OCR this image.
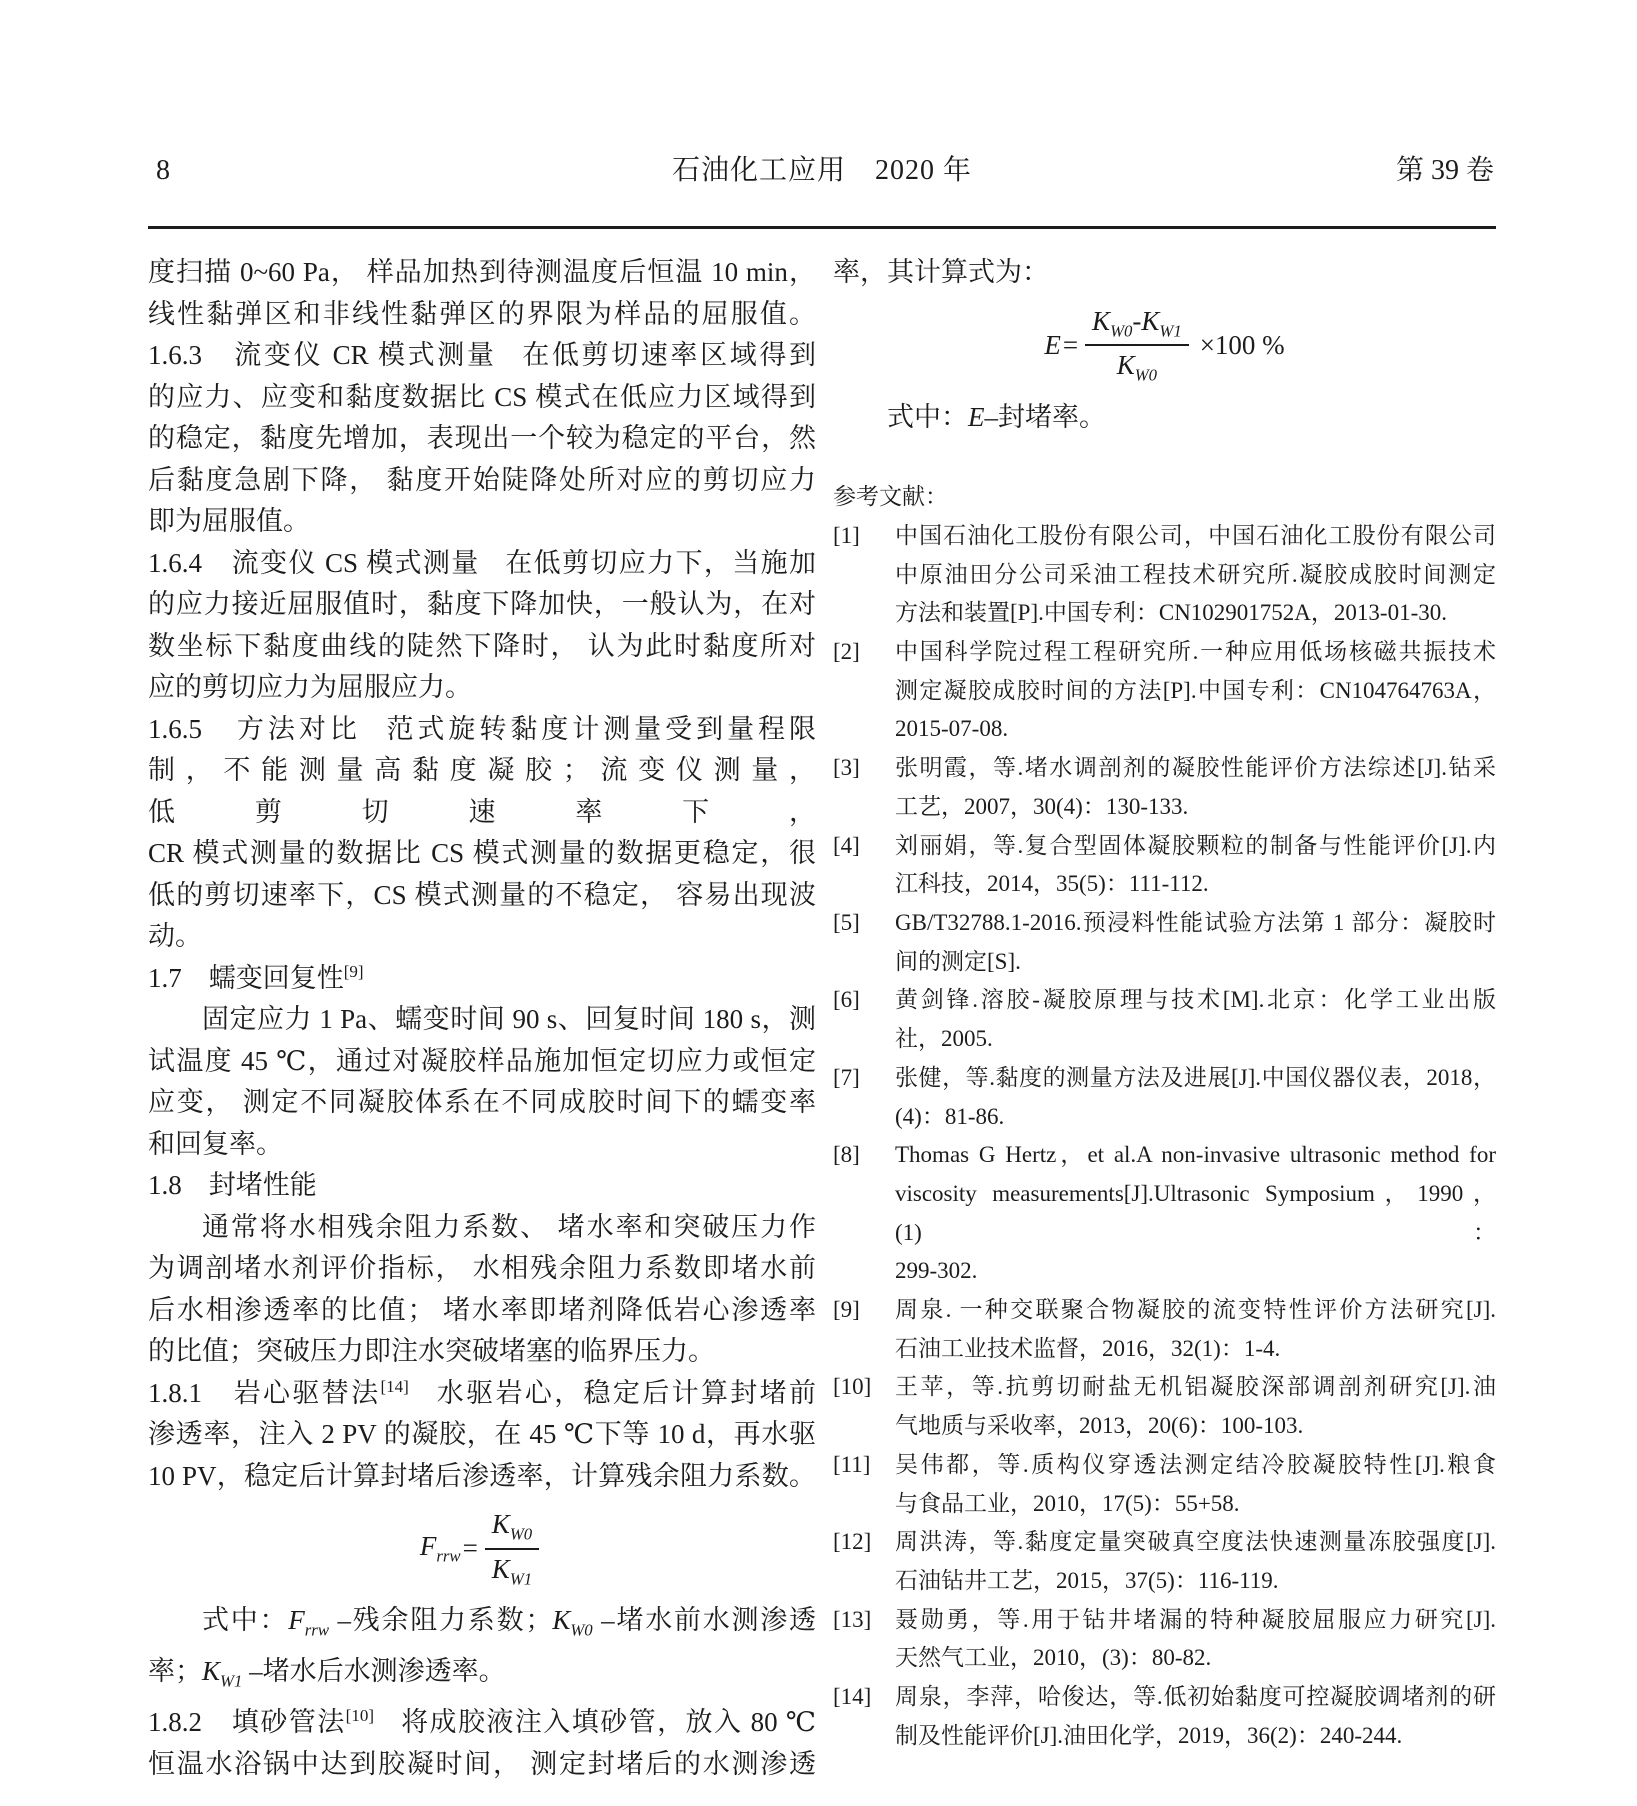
8	石油化工应用　2020 年	第 39 卷
度扫描 0~60 Pa， 样品加热到待测温度后恒温 10 min，
线性黏弹区和非线性黏弹区的界限为样品的屈服值。
1.6.3　流变仪 CR 模式测量 在低剪切速率区域得到
的应力、应变和黏度数据比 CS 模式在低应力区域得到
的稳定，黏度先增加，表现出一个较为稳定的平台，然
后黏度急剧下降， 黏度开始陡降处所对应的剪切应力
即为屈服值。
1.6.4　流变仪 CS 模式测量 在低剪切应力下，当施加
的应力接近屈服值时，黏度下降加快，一般认为，在对
数坐标下黏度曲线的陡然下降时， 认为此时黏度所对
应的剪切应力为屈服应力。
1.6.5　方法对比 范式旋转黏度计测量受到量程限
制，不能测量高黏度凝胶；流变仪测量，低剪切速率下，
CR 模式测量的数据比 CS 模式测量的数据更稳定，很
低的剪切速率下，CS 模式测量的不稳定， 容易出现波
动。
1.7　蠕变回复性[9]
固定应力 1 Pa、蠕变时间 90 s、回复时间 180 s，测
试温度 45 ℃，通过对凝胶样品施加恒定切应力或恒定
应变， 测定不同凝胶体系在不同成胶时间下的蠕变率
和回复率。
1.8　封堵性能
通常将水相残余阻力系数、 堵水率和突破压力作
为调剖堵水剂评价指标， 水相残余阻力系数即堵水前
后水相渗透率的比值； 堵水率即堵剂降低岩心渗透率
的比值；突破压力即注水突破堵塞的临界压力。
1.8.1　岩心驱替法[14] 水驱岩心，稳定后计算封堵前
渗透率，注入 2 PV 的凝胶，在 45 ℃下等 10 d，再水驱
10 PV，稳定后计算封堵后渗透率，计算残余阻力系数。
$F_{rrw} = \frac{K_{W0}}{K_{W1}}$
式中：$F_{rrw}$ –残余阻力系数；$K_{W0}$ –堵水前水测渗透
率；$K_{W1}$ –堵水后水测渗透率。
1.8.2　填砂管法[10] 将成胶液注入填砂管，放入 80 ℃
恒温水浴锅中达到胶凝时间， 测定封堵后的水测渗透
率，其计算式为：
$E = \frac{K_{W0}-K_{W1}}{K_{W0}} \times 100$ %
式中：E–封堵率。
参考文献：
[1]	中国石油化工股份有限公司，中国石油化工股份有限公司
中原油田分公司采油工程技术研究所.凝胶成胶时间测定
方法和装置[P].中国专利：CN102901752A，2013-01-30.
[2]	中国科学院过程工程研究所.一种应用低场核磁共振技术
测定凝胶成胶时间的方法[P].中国专利：CN104764763A，
2015-07-08.
[3]	张明霞，等.堵水调剖剂的凝胶性能评价方法综述[J].钻采
工艺，2007，30(4)：130-133.
[4]	刘丽娟，等.复合型固体凝胶颗粒的制备与性能评价[J].内
江科技，2014，35(5)：111-112.
[5]	GB/T32788.1-2016.预浸料性能试验方法第 1 部分：凝胶时
间的测定[S].
[6]	黄剑锋.溶胶-凝胶原理与技术[M].北京：化学工业出版
社，2005.
[7]	张健，等.黏度的测量方法及进展[J].中国仪器仪表，2018，
(4)：81-86.
[8]	Thomas G Hertz，et al.A non-invasive ultrasonic method for
viscosity measurements[J].Ultrasonic Symposium，1990，(1)：
299-302.
[9]	周泉. 一种交联聚合物凝胶的流变特性评价方法研究[J].
石油工业技术监督，2016，32(1)：1-4.
[10]	王苹，等.抗剪切耐盐无机铝凝胶深部调剖剂研究[J].油
气地质与采收率，2013，20(6)：100-103.
[11]	吴伟都，等.质构仪穿透法测定结冷胶凝胶特性[J].粮食
与食品工业，2010，17(5)：55+58.
[12]	周洪涛，等.黏度定量突破真空度法快速测量冻胶强度[J].
石油钻井工艺，2015，37(5)：116-119.
[13]	聂勋勇，等.用于钻井堵漏的特种凝胶屈服应力研究[J].
天然气工业，2010，(3)：80-82.
[14]	周泉，李萍，哈俊达，等.低初始黏度可控凝胶调堵剂的研
制及性能评价[J].油田化学，2019，36(2)：240-244.
